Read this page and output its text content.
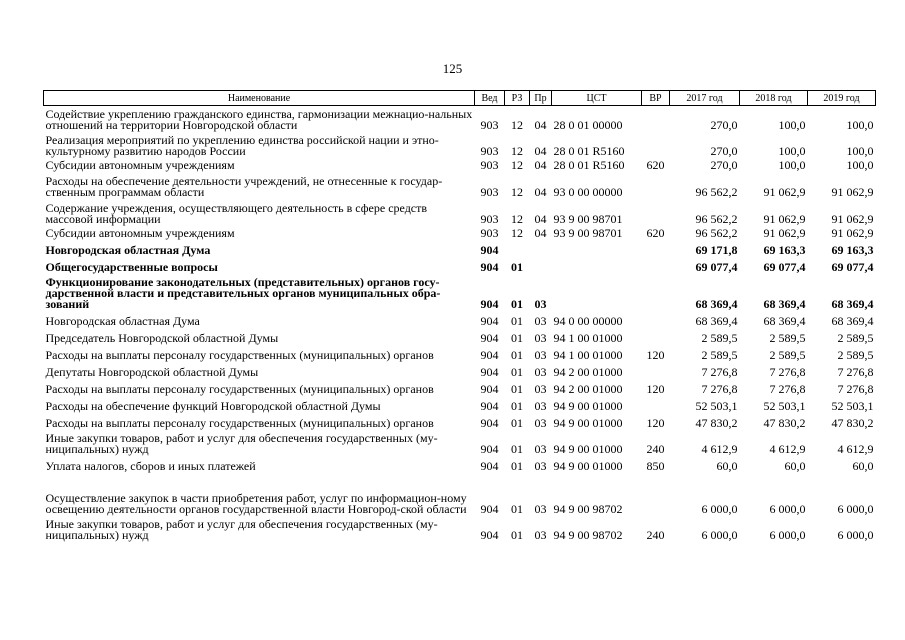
125
Наименование	Вед	РЗ	Пр	ЦСТ	ВР	2017 год	2018 год	2019 год
Содействие укреплению гражданского единства, гармонизации межнацио-нальных отношений на территории Новгородской области	903	12	04	28 0 01 00000		270,0	100,0	100,0
Реализация мероприятий по укреплению единства российской нации и этно-культурному развитию народов России	903	12	04	28 0 01 R5160		270,0	100,0	100,0
Субсидии автономным учреждениям	903	12	04	28 0 01 R5160	620	270,0	100,0	100,0
Расходы на обеспечение деятельности учреждений, не отнесенные к государ-ственным программам области	903	12	04	93 0 00 00000		96 562,2	91 062,9	91 062,9
Содержание учреждения, осуществляющего деятельность в сфере средств массовой информации	903	12	04	93 9 00 98701		96 562,2	91 062,9	91 062,9
Субсидии автономным учреждениям	903	12	04	93 9 00 98701	620	96 562,2	91 062,9	91 062,9
Новгородская областная Дума	904					69 171,8	69 163,3	69 163,3
Общегосударственные вопросы	904	01				69 077,4	69 077,4	69 077,4
Функционирование законодательных (представительных) органов госу-дарственной власти и представительных органов муниципальных обра-зований	904	01	03			68 369,4	68 369,4	68 369,4
Новгородская областная Дума	904	01	03	94 0 00 00000		68 369,4	68 369,4	68 369,4
Председатель Новгородской областной Думы	904	01	03	94 1 00 01000		2 589,5	2 589,5	2 589,5
Расходы на выплаты персоналу государственных (муниципальных) органов	904	01	03	94 1 00 01000	120	2 589,5	2 589,5	2 589,5
Депутаты Новгородской областной Думы	904	01	03	94 2 00 01000		7 276,8	7 276,8	7 276,8
Расходы на выплаты персоналу государственных (муниципальных) органов	904	01	03	94 2 00 01000	120	7 276,8	7 276,8	7 276,8
Расходы на обеспечение функций Новгородской областной Думы	904	01	03	94 9 00 01000		52 503,1	52 503,1	52 503,1
Расходы на выплаты персоналу государственных (муниципальных) органов	904	01	03	94 9 00 01000	120	47 830,2	47 830,2	47 830,2
Иные закупки товаров, работ и услуг для обеспечения государственных (му-ниципальных) нужд	904	01	03	94 9 00 01000	240	4 612,9	4 612,9	4 612,9
Уплата налогов, сборов и иных платежей	904	01	03	94 9 00 01000	850	60,0	60,0	60,0
Осуществление закупок в части приобретения работ, услуг по информацион-ному освещению деятельности органов государственной власти Новгород-ской области	904	01	03	94 9 00 98702		6 000,0	6 000,0	6 000,0
Иные закупки товаров, работ и услуг для обеспечения государственных (му-ниципальных) нужд	904	01	03	94 9 00 98702	240	6 000,0	6 000,0	6 000,0
